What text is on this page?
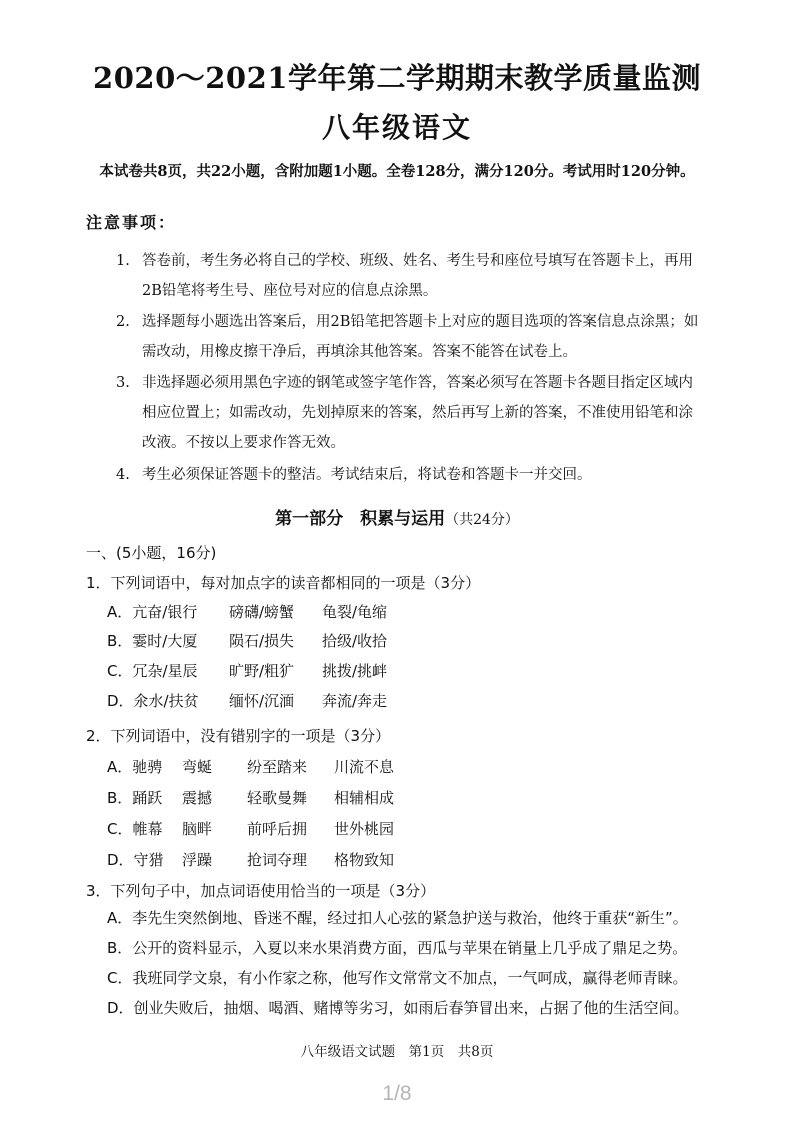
2020～2021学年第二学期期末教学质量监测
八年级语文
本试卷共8页，共22小题，含附加题1小题。全卷128分，满分120分。考试用时120分钟。
注意事项：
1. 答卷前，考生务必将自己的学校、班级、姓名、考生号和座位号填写在答题卡上，再用
2B铅笔将考生号、座位号对应的信息点涂黑。
2. 选择题每小题选出答案后，用2B铅笔把答题卡上对应的题目选项的答案信息点涂黑；如
需改动，用橡皮擦干净后，再填涂其他答案。答案不能答在试卷上。
3. 非选择题必须用黑色字迹的钢笔或签字笔作答，答案必须写在答题卡各题目指定区域内
相应位置上；如需改动，先划掉原来的答案，然后再写上新的答案，不准使用铅笔和涂
改液。不按以上要求作答无效。
4. 考生必须保证答题卡的整洁。考试结束后，将试卷和答题卡一并交回。
第一部分　积累与运用（共24分）
一、(5小题，16分)
1．下列词语中，每对加点字的读音都相同的一项是（3分）
A．亢奋/银行 磅礴/螃蟹 龟裂/龟缩
B．霎时/大厦 陨石/损失 拾级/收拾
C．冗杂/星辰 旷野/粗犷 挑拨/挑衅
D．氽水/扶贫 缅怀/沉湎 奔流/奔走
2．下列词语中，没有错别字的一项是（3分）
A．驰骋 弯蜒 纷至踏来 川流不息
B．踊跃 震撼 轻歌曼舞 相辅相成
C．帷幕 脑畔 前呼后拥 世外桃园
D．守猎 浮躁 抢词夺理 格物致知
3．下列句子中，加点词语使用恰当的一项是（3分）
A．李先生突然倒地、昏迷不醒，经过扣人心弦的紧急护送与救治，他终于重获“新生”。
B．公开的资料显示，入夏以来水果消费方面，西瓜与苹果在销量上几乎成了鼎足之势。
C．我班同学文泉，有小作家之称，他写作文常常文不加点，一气呵成，赢得老师青睐。
D．创业失败后，抽烟、喝酒、赌博等劣习，如雨后春笋冒出来，占据了他的生活空间。
八年级语文试题　第1页　共8页
1/8
